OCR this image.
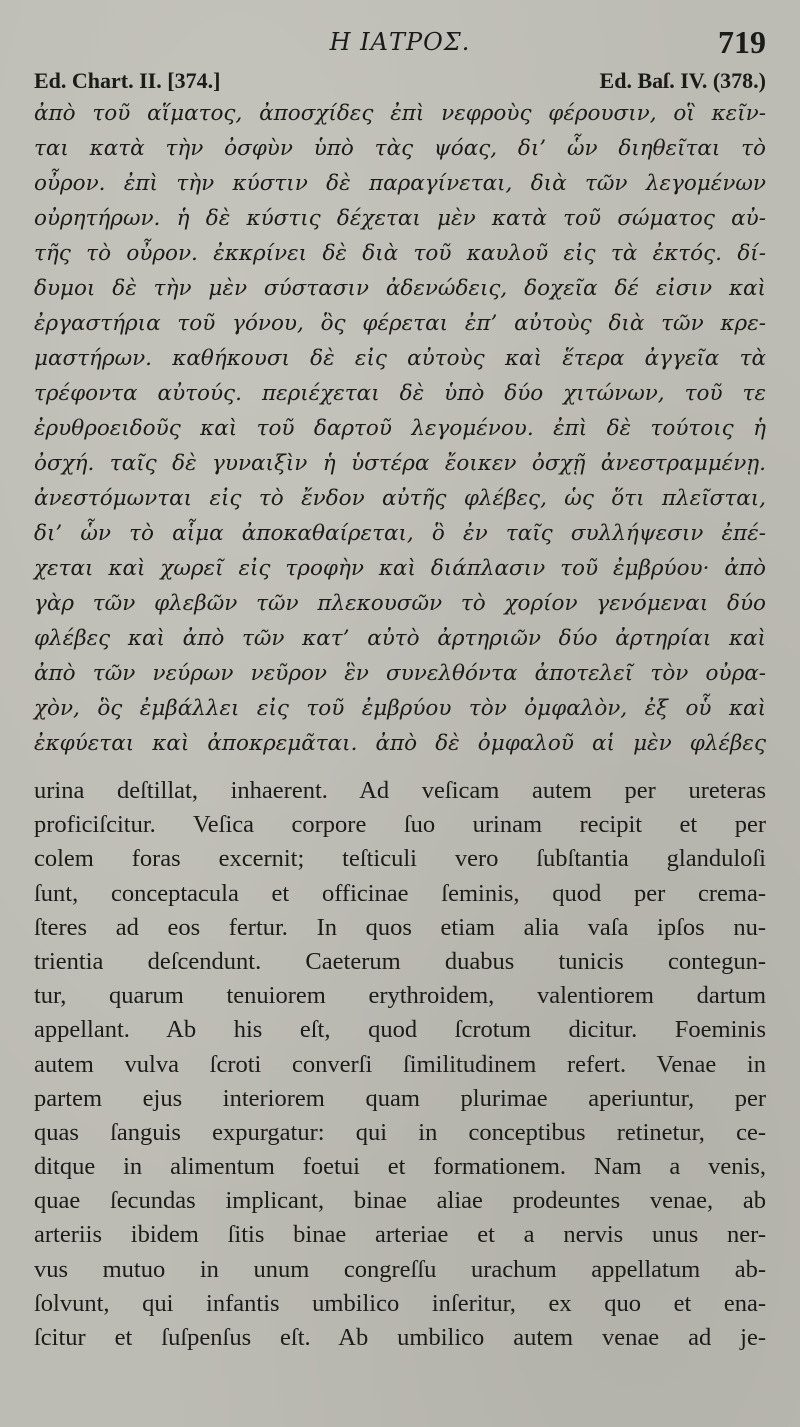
Η ΙΑΤΡΟΣ.	719
Ed. Chart. II. [374.]	Ed. Baſ. IV. (378.)
ἀπὸ τοῦ αἵματος, ἀποσχίδες ἐπὶ νεφροὺς φέρουσιν, οἳ κεῖν-
ται κατὰ τὴν ὀσφὺν ὑπὸ τὰς ψόας, δι’ ὧν διηθεῖται τὸ
οὖρον. ἐπὶ τὴν κύστιν δὲ παραγίνεται, διὰ τῶν λεγομένων
οὐρητήρων. ἡ δὲ κύστις δέχεται μὲν κατὰ τοῦ σώματος αὐ-
τῆς τὸ οὖρον. ἐκκρίνει δὲ διὰ τοῦ καυλοῦ εἰς τὰ ἐκτός. δί-
δυμοι δὲ τὴν μὲν σύστασιν ἀδενώδεις, δοχεῖα δέ εἰσιν καὶ
ἐργαστήρια τοῦ γόνου, ὃς φέρεται ἐπ’ αὐτοὺς διὰ τῶν κρε-
μαστήρων. καθήκουσι δὲ εἰς αὐτοὺς καὶ ἕτερα ἀγγεῖα τὰ
τρέφοντα αὐτούς. περιέχεται δὲ ὑπὸ δύο χιτώνων, τοῦ τε
ἐρυθροειδοῦς καὶ τοῦ δαρτοῦ λεγομένου. ἐπὶ δὲ τούτοις ἡ
ὀσχή. ταῖς δὲ γυναιξὶν ἡ ὑστέρα ἔοικεν ὀσχῇ ἀνεστραμμένῃ.
ἀνεστόμωνται εἰς τὸ ἔνδον αὐτῆς φλέβες, ὡς ὅτι πλεῖσται,
δι’ ὧν τὸ αἷμα ἀποκαθαίρεται, ὃ ἐν ταῖς συλλήψεσιν ἐπέ-
χεται καὶ χωρεῖ εἰς τροφὴν καὶ διάπλασιν τοῦ ἐμβρύου· ἀπὸ
γὰρ τῶν φλεβῶν τῶν πλεκουσῶν τὸ χορίον γενόμεναι δύο
φλέβες καὶ ἀπὸ τῶν κατ’ αὐτὸ ἀρτηριῶν δύο ἀρτηρίαι καὶ
ἀπὸ τῶν νεύρων νεῦρον ἓν συνελθόντα ἀποτελεῖ τὸν οὐρα-
χὸν, ὃς ἐμβάλλει εἰς τοῦ ἐμβρύου τὸν ὀμφαλὸν, ἐξ οὗ καὶ
ἐκφύεται καὶ ἀποκρεμᾶται. ἀπὸ δὲ ὀμφαλοῦ αἱ μὲν φλέβες
urina deſtillat, inhaerent. Ad veſicam autem per ureteras
proficiſcitur. Veſica corpore ſuo urinam recipit et per
colem foras excernit; teſticuli vero ſubſtantia glanduloſi
ſunt, conceptacula et officinae ſeminis, quod per crema-
ſteres ad eos fertur. In quos etiam alia vaſa ipſos nu-
trientia deſcendunt. Caeterum duabus tunicis contegun-
tur, quarum tenuiorem erythroidem, valentiorem dartum
appellant. Ab his eſt, quod ſcrotum dicitur. Foeminis
autem vulva ſcroti converſi ſimilitudinem refert. Venae in
partem ejus interiorem quam plurimae aperiuntur, per
quas ſanguis expurgatur: qui in conceptibus retinetur, ce-
ditque in alimentum foetui et formationem. Nam a venis,
quae ſecundas implicant, binae aliae prodeuntes venae, ab
arteriis ibidem ſitis binae arteriae et a nervis unus ner-
vus mutuo in unum congreſſu urachum appellatum ab-
ſolvunt, qui infantis umbilico inſeritur, ex quo et ena-
ſcitur et ſuſpenſus eſt. Ab umbilico autem venae ad je-
